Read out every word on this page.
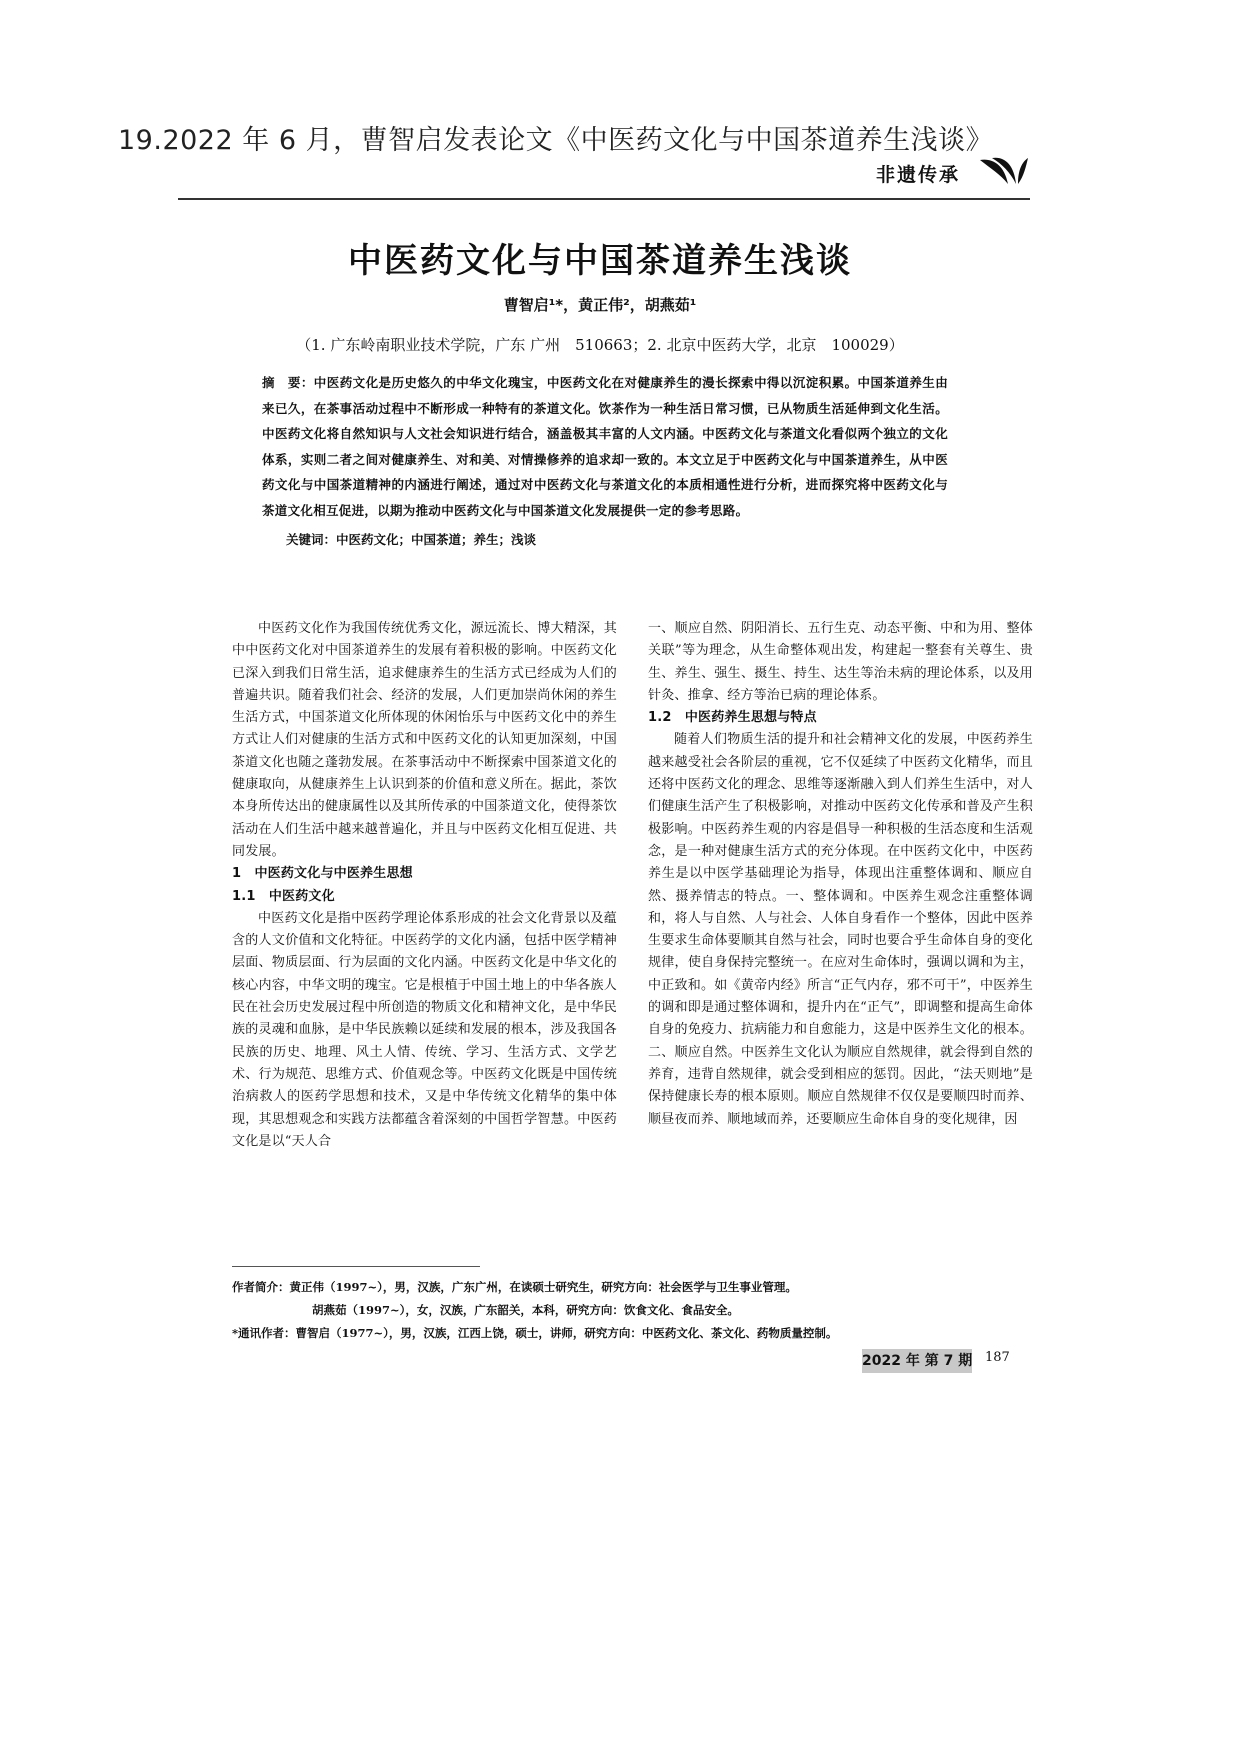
19.2022 年 6 月，曹智启发表论文《中医药文化与中国茶道养生浅谈》
非遗传承
中医药文化与中国茶道养生浅谈
曹智启¹*，黄正伟²，胡燕茹¹
（1. 广东岭南职业技术学院，广东 广州　510663；2. 北京中医药大学，北京　100029）
摘　要：中医药文化是历史悠久的中华文化瑰宝，中医药文化在对健康养生的漫长探索中得以沉淀积累。中国茶道养生由来已久，在茶事活动过程中不断形成一种特有的茶道文化。饮茶作为一种生活日常习惯，已从物质生活延伸到文化生活。中医药文化将自然知识与人文社会知识进行结合，涵盖极其丰富的人文内涵。中医药文化与茶道文化看似两个独立的文化体系，实则二者之间对健康养生、对和美、对情操修养的追求却一致的。本文立足于中医药文化与中国茶道养生，从中医药文化与中国茶道精神的内涵进行阐述，通过对中医药文化与茶道文化的本质相通性进行分析，进而探究将中医药文化与茶道文化相互促进，以期为推动中医药文化与中国茶道文化发展提供一定的参考思路。
关键词：中医药文化；中国茶道；养生；浅谈

中医药文化作为我国传统优秀文化，源远流长、博大精深，其中中医药文化对中国茶道养生的发展有着积极的影响。中医药文化已深入到我们日常生活，追求健康养生的生活方式已经成为人们的普遍共识。随着我们社会、经济的发展，人们更加崇尚休闲的养生生活方式，中国茶道文化所体现的休闲怡乐与中医药文化中的养生方式让人们对健康的生活方式和中医药文化的认知更加深刻，中国茶道文化也随之蓬勃发展。在茶事活动中不断探索中国茶道文化的健康取向，从健康养生上认识到茶的价值和意义所在。据此，茶饮本身所传达出的健康属性以及其所传承的中国茶道文化，使得茶饮活动在人们生活中越来越普遍化，并且与中医药文化相互促进、共同发展。

1　中医药文化与中医养生思想

1.1　中医药文化

中医药文化是指中医药学理论体系形成的社会文化背景以及蕴含的人文价值和文化特征。中医药学的文化内涵，包括中医学精神层面、物质层面、行为层面的文化内涵。中医药文化是中华文化的核心内容，中华文明的瑰宝。它是根植于中国土地上的中华各族人民在社会历史发展过程中所创造的物质文化和精神文化，是中华民族的灵魂和血脉，是中华民族赖以延续和发展的根本，涉及我国各民族的历史、地理、风土人情、传统、学习、生活方式、文学艺术、行为规范、思维方式、价值观念等。中医药文化既是中国传统治病救人的医药学思想和技术，又是中华传统文化精华的集中体现，其思想观念和实践方法都蕴含着深刻的中国哲学智慧。中医药文化是以“天人合

一、顺应自然、阴阳消长、五行生克、动态平衡、中和为用、整体关联”等为理念，从生命整体观出发，构建起一整套有关尊生、贵生、养生、强生、摄生、持生、达生等治未病的理论体系，以及用针灸、推拿、经方等治已病的理论体系。

1.2　中医药养生思想与特点

随着人们物质生活的提升和社会精神文化的发展，中医药养生越来越受社会各阶层的重视，它不仅延续了中医药文化精华，而且还将中医药文化的理念、思维等逐渐融入到人们养生生活中，对人们健康生活产生了积极影响，对推动中医药文化传承和普及产生积极影响。中医药养生观的内容是倡导一种积极的生活态度和生活观念，是一种对健康生活方式的充分体现。在中医药文化中，中医药养生是以中医学基础理论为指导，体现出注重整体调和、顺应自然、摄养情志的特点。一、整体调和。中医养生观念注重整体调和，将人与自然、人与社会、人体自身看作一个整体，因此中医养生要求生命体要顺其自然与社会，同时也要合乎生命体自身的变化规律，使自身保持完整统一。在应对生命体时，强调以调和为主，中正致和。如《黄帝内经》所言“正气内存，邪不可干”，中医养生的调和即是通过整体调和，提升内在“正气”，即调整和提高生命体自身的免疫力、抗病能力和自愈能力，这是中医养生文化的根本。二、顺应自然。中医养生文化认为顺应自然规律，就会得到自然的养育，违背自然规律，就会受到相应的惩罚。因此，“法天则地”是保持健康长寿的根本原则。顺应自然规律不仅仅是要顺四时而养、顺昼夜而养、顺地域而养，还要顺应生命体自身的变化规律，因

作者简介：黄正伟（1997~），男，汉族，广东广州，在读硕士研究生，研究方向：社会医学与卫生事业管理。
胡燕茹（1997~），女，汉族，广东韶关，本科，研究方向：饮食文化、食品安全。
*通讯作者：曹智启（1977~），男，汉族，江西上饶，硕士，讲师，研究方向：中医药文化、茶文化、药物质量控制。
2022 年 第 7 期 187
